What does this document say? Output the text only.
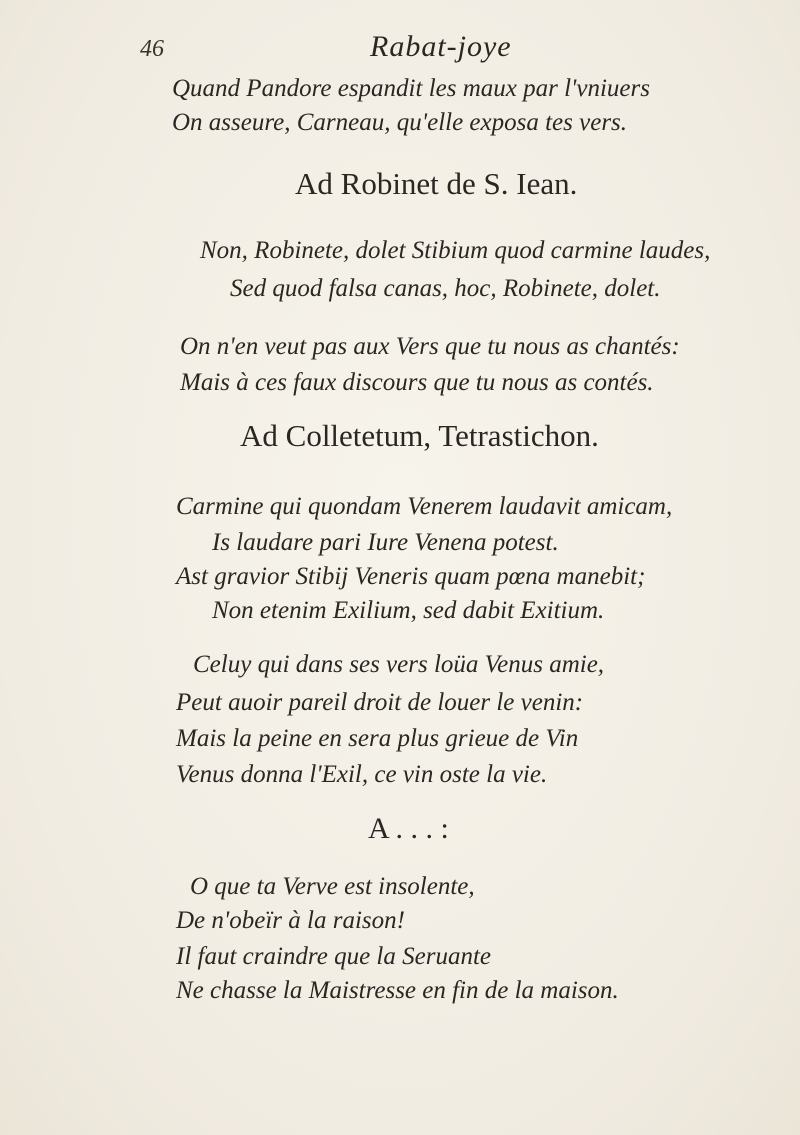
46	Rabat-joye
Quand Pandore espandit les maux par l'vniuers
On asseure, Carneau, qu'elle exposa tes vers.
Ad Robinet de S. Iean.
Non, Robinete, dolet Stibium quod carmine laudes,
Sed quod falsa canas, hoc, Robinete, dolet.
On n'en veut pas aux Vers que tu nous as chantés:
Mais à ces faux discours que tu nous as contés.
Ad Colletetum, Tetrastichon.
Carmine qui quondam Venerem laudavit amicam,
Is laudare pari Iure Venena potest.
Ast gravior Stibij Veneris quam pœna manebit;
Non etenim Exilium, sed dabit Exitium.
Celuy qui dans ses vers loüa Venus amie,
Peut auoir pareil droit de louer le venin:
Mais la peine en sera plus grieue de Vin
Venus donna l'Exil, ce vin oste la vie.
A . . . :
O que ta Verve est insolente,
De n'obeïr à la raison!
Il faut craindre que la Seruante
Ne chasse la Maistresse en fin de la maison.
